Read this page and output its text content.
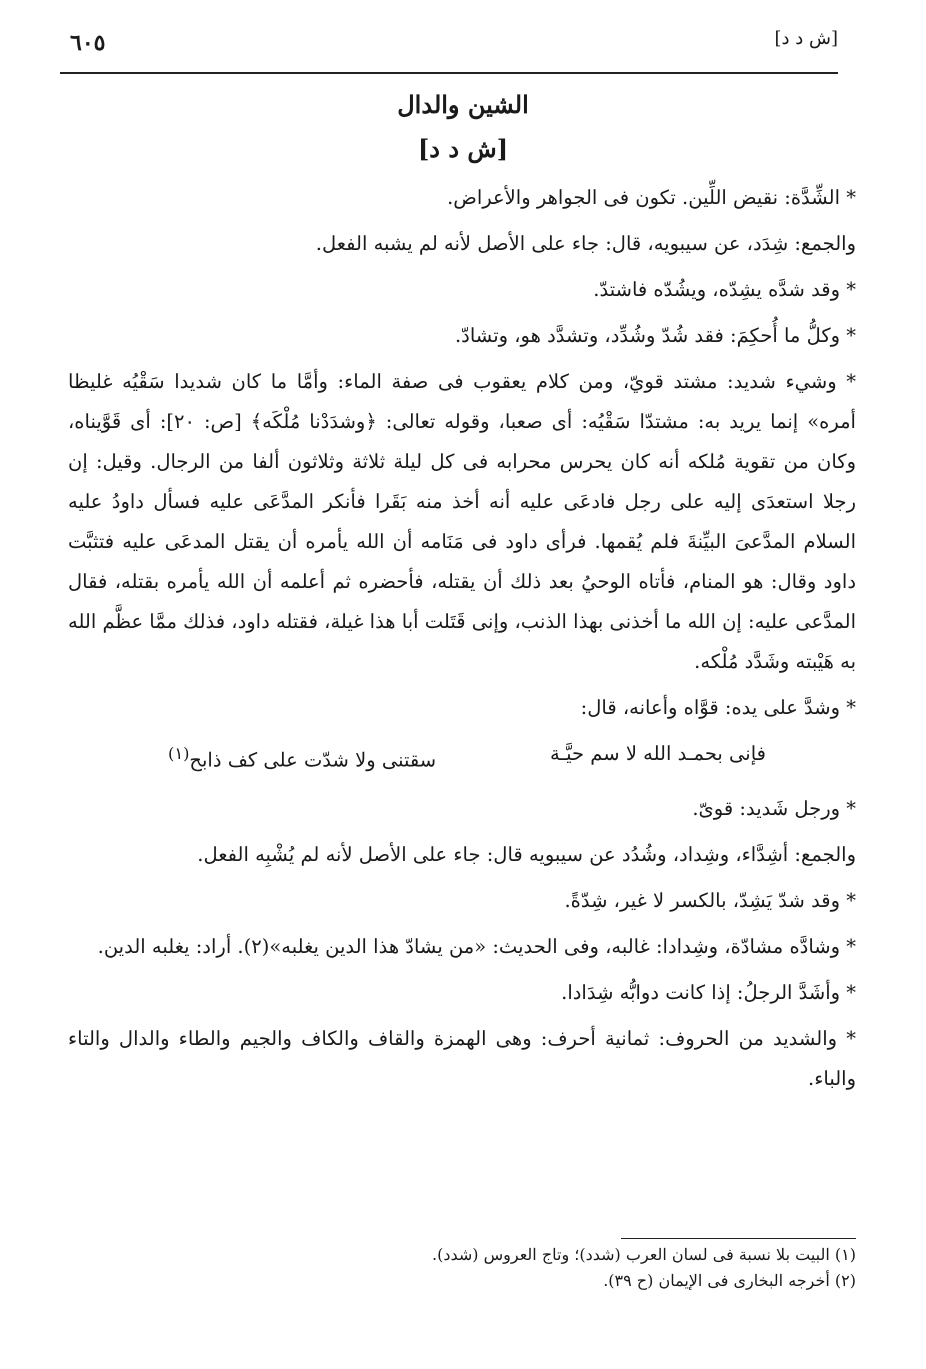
٦٠٥	[ش د د]
الشين والدال
[ش د د]

* الشِّدَّة: نقيض اللِّين. تكون فى الجواهر والأعراض.

والجمع: شِدَد، عن سيبويه، قال: جاء على الأصل لأنه لم يشبه الفعل.

* وقد شدَّه يشِدّه، ويشُدّه فاشتدّ.

* وكلُّ ما أُحكِمَ: فقد شُدّ وشُدِّد، وتشدَّد هو، وتشادّ.

* وشيء شديد: مشتد قويّ، ومن كلام يعقوب فى صفة الماء: وأمَّا ما كان شديدا سَقْيُه غليظا أمره» إنما يريد به: مشتدّا سَقْيُه: أى صعبا، وقوله تعالى: ﴿وشدَدْنا مُلْكَه﴾ [ص: ٢٠]: أى قَوَّيناه، وكان من تقوية مُلكه أنه كان يحرس محرابه فى كل ليلة ثلاثة وثلاثون ألفا من الرجال. وقيل: إن رجلا استعدَى إليه على رجل فادعَى عليه أنه أخذ منه بَقَرا فأنكر المدَّعَى عليه فسأل داودُ عليه السلام المدَّعىَ البيِّنةَ فلم يُقمها. فرأى داود فى مَنَامه أن الله يأمره أن يقتل المدعَى عليه فتثبَّت داود وقال: هو المنام، فأتاه الوحيُ بعد ذلك أن يقتله، فأحضره ثم أعلمه أن الله يأمره بقتله، فقال المدَّعى عليه: إن الله ما أخذنى بهذا الذنب، وإنى قَتَلت أبا هذا غيلة، فقتله داود، فذلك ممَّا عظَّم الله به هَيْبته وشَدَّد مُلْكه.

* وشدَّ على يده: قوَّاه وأعانه، قال:

فإنى بحمـد الله لا سم حيَّـة
سقتنى ولا شدّت على كف ذابح$^{(١)}$

* ورجل شَديد: قوىّ.

والجمع: أشِدَّاء، وشِداد، وشُدُد عن سيبويه قال: جاء على الأصل لأنه لم يُشْبِه الفعل.

* وقد شدّ يَشِدّ، بالكسر لا غير، شِدّةً.

* وشادَّه مشادّة، وشِدادا: غالبه، وفى الحديث: «من يشادّ هذا الدين يغلبه»(٢). أراد: يغلبه الدين.

* وأشَدَّ الرجلُ: إذا كانت دوابُّه شِدَادا.

* والشديد من الحروف: ثمانية أحرف: وهى الهمزة والقاف والكاف والجيم والطاء والدال والتاء والباء.

(١) البيت بلا نسبة فى لسان العرب (شدد)؛ وتاج العروس (شدد).
(٢) أخرجه البخارى فى الإيمان (ح ٣٩).
